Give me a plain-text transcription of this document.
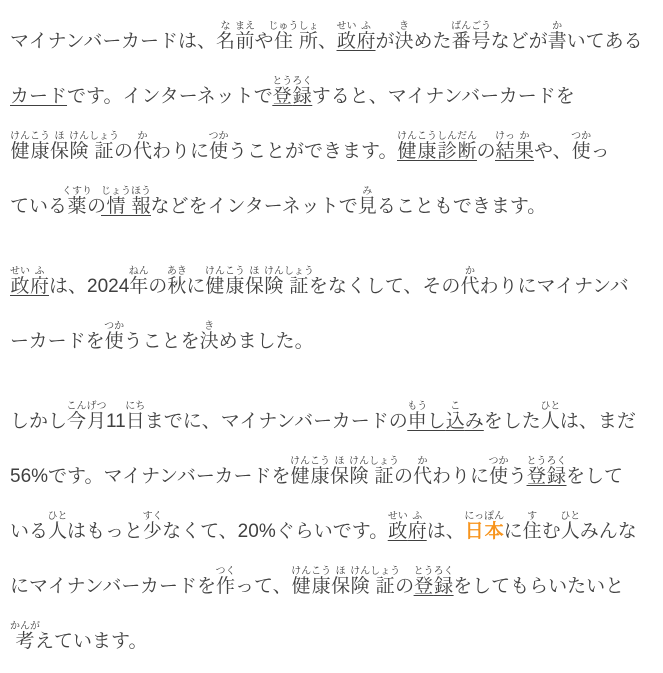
マイナンバーカードは、名な前まえや住じゅう所しょ、政せい府ふが決きめた番ばん号ごうなどが書かいてある
カードです。インターネットで登とう録ろくすると、マイナンバーカードを
健けん康こう保ほ険けん証しょうの代かわりに使つかうことができます。健けん康こう診しん断だんの結けっ果かや、使つかっ
ている薬くすりの情じょう報ほうなどをインターネットで見みることもできます。

政せい府ふは、2024年ねんの秋あきに健けん康こう保ほ険けん証しょうをなくして、その代かわりにマイナンバ
ーカードを使つかうことを決きめました。

しかし今こん月げつ11日にちまでに、マイナンバーカードの申もうし込こみをした人ひとは、まだ
56%です。マイナンバーカードを健けん康こう保ほ険けん証しょうの代かわりに使つかう登とう録ろくをして
いる人ひとはもっと少すくなくて、20%ぐらいです。政せい府ふは、日にっ本ぽんに住すむ人ひとみんな
にマイナンバーカードを作つくって、健けん康こう保ほ険けん証しょうの登とう録ろくをしてもらいたいと
考かんがえています。
